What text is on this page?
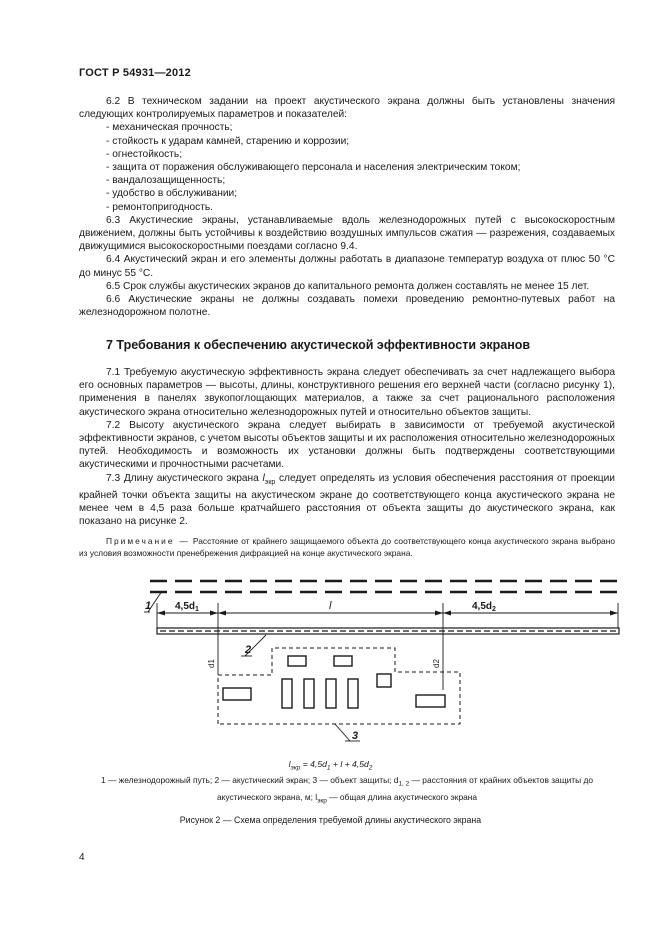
ГОСТ Р 54931—2012

6.2 В техническом задании на проект акустического экрана должны быть установлены значения следующих контролируемых параметров и показателей:

- механическая прочность;

- стойкость к ударам камней, старению и коррозии;

- огнестойкость;

- защита от поражения обслуживающего персонала и населения электрическим током;

- вандалозащищенность;

- удобство в обслуживании;

- ремонтопригодность.

6.3 Акустические экраны, устанавливаемые вдоль железнодорожных путей с высокоскоростным движением, должны быть устойчивы к воздействию воздушных импульсов сжатия — разрежения, создаваемых движущимися высокоскоростными поездами согласно 9.4.

6.4 Акустический экран и его элементы должны работать в диапазоне температур воздуха от плюс 50 °С до минус 55 °С.

6.5 Срок службы акустических экранов до капитального ремонта должен составлять не менее 15 лет.

6.6 Акустические экраны не должны создавать помехи проведению ремонтно-путевых работ на железнодорожном полотне.

7 Требования к обеспечению акустической эффективности экранов

7.1 Требуемую акустическую эффективность экрана следует обеспечивать за счет надлежащего выбора его основных параметров — высоты, длины, конструктивного решения его верхней части (согласно рисунку 1), применения в панелях звукопоглощающих материалов, а также за счет рационального расположения акустического экрана относительно железнодорожных путей и относительно объектов защиты.

7.2 Высоту акустического экрана следует выбирать в зависимости от требуемой акустической эффективности экранов, с учетом высоты объектов защиты и их расположения относительно железнодорожных путей. Необходимость и возможность их установки должны быть подтверждены соответствующими акустическими и прочностными расчетами.

7.3 Длину акустического экрана $l_{экр}$ следует определять из условия обеспечения расстояния от проекции крайней точки объекта защиты на акустическом экране до соответствующего конца акустического экрана не менее чем в 4,5 раза больше кратчайшего расстояния от объекта защиты до акустического экрана, как показано на рисунке 2.

Примечание — Расстояние от крайнего защищаемого объекта до соответствующего конца акустического экрана выбрано из условия возможности пренебрежения дифракцией на конце акустического экрана.
1
2
3
$4,5d_1$	l	$4,5d_2$
d1	d2
$l_{экр} = 4,5d_1 + l + 4,5d_2$
1 — железнодорожный путь; 2 — акустический экран; 3 — объект защиты; $d_{1, 2}$ — расстояния от крайних объектов защиты до
акустического экрана, м; $l_{экр}$ — общая длина акустического экрана
Рисунок 2 — Схема определения требуемой длины акустического экрана
4
